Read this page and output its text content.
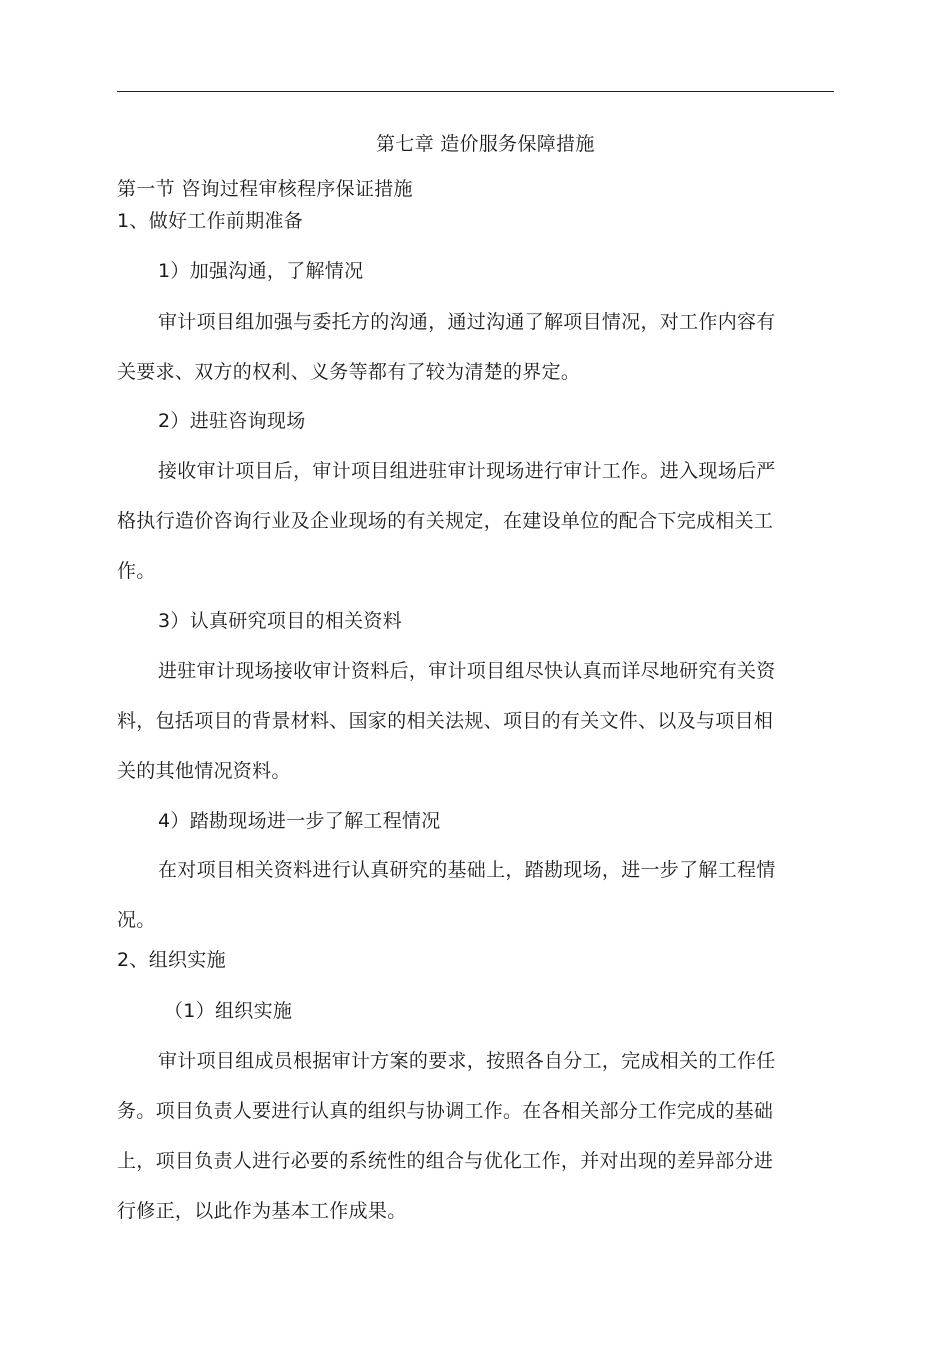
第七章 造价服务保障措施

第一节 咨询过程审核程序保证措施

1、做好工作前期准备

1）加强沟通，了解情况

审计项目组加强与委托方的沟通，通过沟通了解项目情况，对工作内容有

关要求、双方的权利、义务等都有了较为清楚的界定。

2）进驻咨询现场

接收审计项目后，审计项目组进驻审计现场进行审计工作。进入现场后严

格执行造价咨询行业及企业现场的有关规定，在建设单位的配合下完成相关工

作。

3）认真研究项目的相关资料

进驻审计现场接收审计资料后，审计项目组尽快认真而详尽地研究有关资

料，包括项目的背景材料、国家的相关法规、项目的有关文件、以及与项目相

关的其他情况资料。

4）踏勘现场进一步了解工程情况

在对项目相关资料进行认真研究的基础上，踏勘现场，进一步了解工程情

况。

2、组织实施

（1）组织实施

审计项目组成员根据审计方案的要求，按照各自分工，完成相关的工作任

务。项目负责人要进行认真的组织与协调工作。在各相关部分工作完成的基础

上，项目负责人进行必要的系统性的组合与优化工作，并对出现的差异部分进

行修正，以此作为基本工作成果。
